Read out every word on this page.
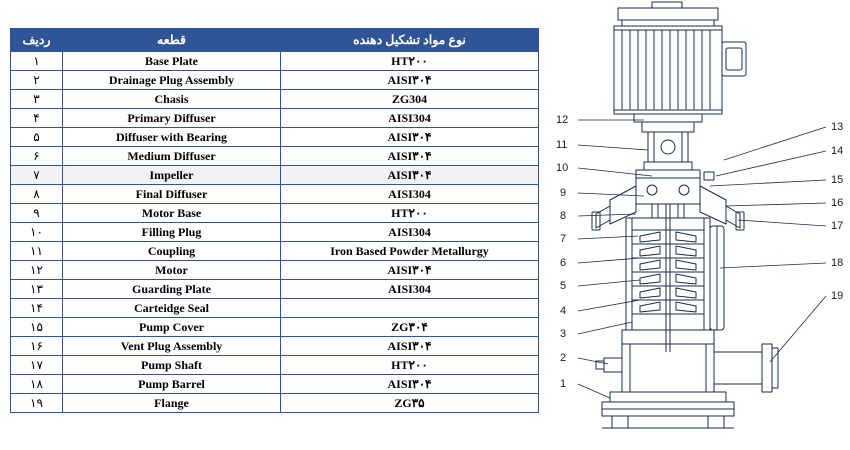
ردیف	قطعه	نوع مواد تشکیل دهنده
١	Base Plate	HT۲۰۰
٢	Drainage Plug Assembly	AISI۳۰۴
٣	Chasis	ZG304
۴	Primary Diffuser	AISI304
۵	Diffuser with Bearing	AISI۳۰۴
۶	Medium Diffuser	AISI۳۰۴
٧	Impeller	AISI۳۰۴
٨	Final Diffuser	AISI304
٩	Motor Base	HT۲۰۰
١٠	Filling Plug	AISI304
١١	Coupling	Iron Based Powder Metallurgy
١٢	Motor	AISI۳۰۴
١٣	Guarding Plate	AISI304
١۴	Carteidge Seal	
١۵	Pump Cover	ZG۳۰۴
١۶	Vent Plug Assembly	AISI۳۰۴
١٧	Pump Shaft	HT۲۰۰
١٨	Pump Barrel	AISI۳۰۴
١٩	Flange	ZG۳۵
12
11
10
9
8
7
6
5
4
3
2
1
13
14
15
16
17
18
19
